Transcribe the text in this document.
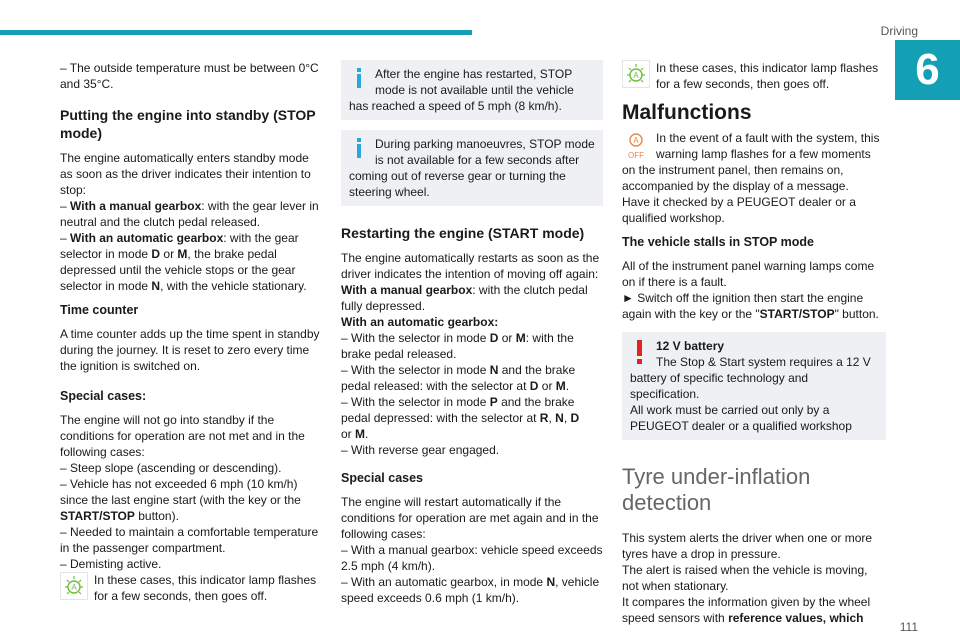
Driving
6

– The outside temperature must be between 0°C and 35°C.

Putting the engine into standby (STOP mode)

The engine automatically enters standby mode as soon as the driver indicates their intention to stop:

– With a manual gearbox: with the gear lever in neutral and the clutch pedal released.

– With an automatic gearbox: with the gear selector in mode D or M, the brake pedal depressed until the vehicle stops or the gear selector in mode N, with the vehicle stationary.

Time counter

A time counter adds up the time spent in standby during the journey. It is reset to zero every time the ignition is switched on.

Special cases:

The engine will not go into standby if the conditions for operation are not met and in the following cases:

– Steep slope (ascending or descending).

– Vehicle has not exceeded 6 mph (10 km/h) since the last engine start (with the key or the START/STOP button).

– Needed to maintain a comfortable temperature in the passenger compartment.

– Demisting active.

A

In these cases, this indicator lamp flashes for a few seconds, then goes off.

After the engine has restarted, STOP mode is not available until the vehicle has reached a speed of 5 mph (8 km/h).

During parking manoeuvres, STOP mode is not available for a few seconds after coming out of reverse gear or turning the steering wheel.

Restarting the engine (START mode)

The engine automatically restarts as soon as the driver indicates the intention of moving off again:

With a manual gearbox: with the clutch pedal fully depressed.

With an automatic gearbox:

– With the selector in mode D or M: with the brake pedal released.

– With the selector in mode N and the brake pedal released: with the selector at D or M.

– With the selector in mode P and the brake pedal depressed: with the selector at R, N, D
or M.

– With reverse gear engaged.

Special cases

The engine will restart automatically if the conditions for operation are met again and in the following cases:

– With a manual gearbox: vehicle speed exceeds 2.5 mph (4 km/h).

– With an automatic gearbox, in mode N, vehicle speed exceeds 0.6 mph (1 km/h).

A

In these cases, this indicator lamp flashes for a few seconds, then goes off.

Malfunctions

A
OFF

In the event of a fault with the system, this warning lamp flashes for a few moments on the instrument panel, then remains on, accompanied by the display of a message.

Have it checked by a PEUGEOT dealer or a qualified workshop.

The vehicle stalls in STOP mode

All of the instrument panel warning lamps come on if there is a fault.

► Switch off the ignition then start the engine again with the key or the "START/STOP" button.

12 V battery

The Stop & Start system requires a 12 V battery of specific technology and specification.

All work must be carried out only by a PEUGEOT dealer or a qualified workshop

Tyre under-inflation detection

This system alerts the driver when one or more tyres have a drop in pressure.

The alert is raised when the vehicle is moving, not when stationary.

It compares the information given by the wheel speed sensors with reference values, which

111
